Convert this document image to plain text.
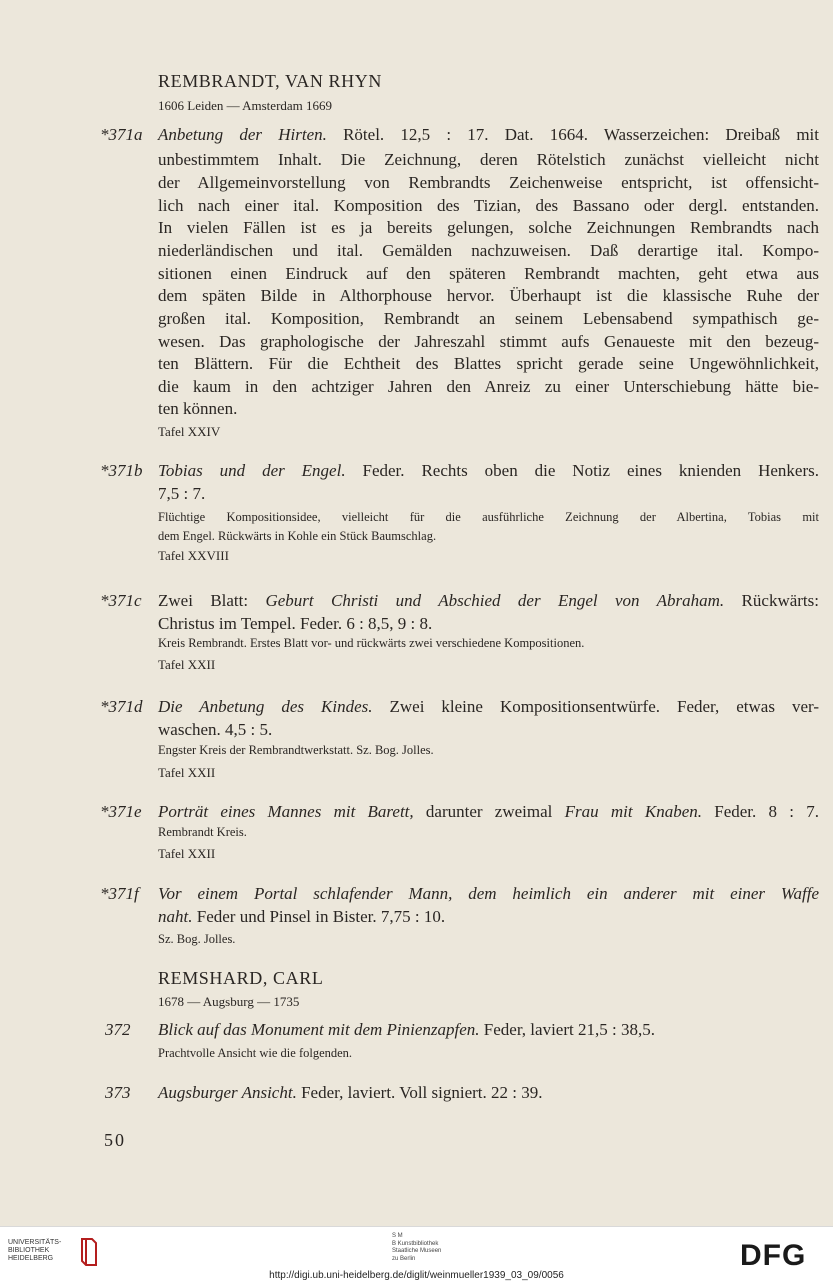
REMBRANDT, VAN RHYN
1606 Leiden — Amsterdam 1669
*371a Anbetung der Hirten. Rötel. 12,5 : 17. Dat. 1664. Wasserzeichen: Dreibaß mit
unbestimmtem Inhalt. Die Zeichnung, deren Rötelstich zunächst vielleicht nicht
der Allgemeinvorstellung von Rembrandts Zeichenweise entspricht, ist offensicht-
lich nach einer ital. Komposition des Tizian, des Bassano oder dergl. entstanden.
In vielen Fällen ist es ja bereits gelungen, solche Zeichnungen Rembrandts nach
niederländischen und ital. Gemälden nachzuweisen. Daß derartige ital. Kompo-
sitionen einen Eindruck auf den späteren Rembrandt machten, geht etwa aus
dem späten Bilde in Althorphouse hervor. Überhaupt ist die klassische Ruhe der
großen ital. Komposition, Rembrandt an seinem Lebensabend sympathisch ge-
wesen. Das graphologische der Jahreszahl stimmt aufs Genaueste mit den bezeug-
ten Blättern. Für die Echtheit des Blattes spricht gerade seine Ungewöhnlichkeit,
die kaum in den achtziger Jahren den Anreiz zu einer Unterschiebung hätte bie-
ten können.
Tafel XXIV
*371b Tobias und der Engel. Feder. Rechts oben die Notiz eines knienden Henkers.
7,5 : 7.
Flüchtige Kompositionsidee, vielleicht für die ausführliche Zeichnung der Albertina, Tobias mit
dem Engel. Rückwärts in Kohle ein Stück Baumschlag.
Tafel XXVIII
*371c Zwei Blatt: Geburt Christi und Abschied der Engel von Abraham. Rückwärts:
Christus im Tempel. Feder. 6 : 8,5, 9 : 8.
Kreis Rembrandt. Erstes Blatt vor- und rückwärts zwei verschiedene Kompositionen.
Tafel XXII
*371d Die Anbetung des Kindes. Zwei kleine Kompositionsentwürfe. Feder, etwas ver-
waschen. 4,5 : 5.
Engster Kreis der Rembrandtwerkstatt. Sz. Bog. Jolles.
Tafel XXII
*371e Porträt eines Mannes mit Barett, darunter zweimal Frau mit Knaben. Feder. 8 : 7.
Rembrandt Kreis.
Tafel XXII
*371f Vor einem Portal schlafender Mann, dem heimlich ein anderer mit einer Waffe
naht. Feder und Pinsel in Bister. 7,75 : 10.
Sz. Bog. Jolles.
REMSHARD, CARL
1678 — Augsburg — 1735
372 Blick auf das Monument mit dem Pinienzapfen. Feder, laviert 21,5 : 38,5.
Prachtvolle Ansicht wie die folgenden.
373 Augsburger Ansicht. Feder, laviert. Voll signiert. 22 : 39.
50
UNIVERSITÄTS-
BIBLIOTHEK
HEIDELBERG
S M
B Kunstbibliothek
Staatliche Museen
zu Berlin	DFG
http://digi.ub.uni-heidelberg.de/diglit/weinmueller1939_03_09/0056
